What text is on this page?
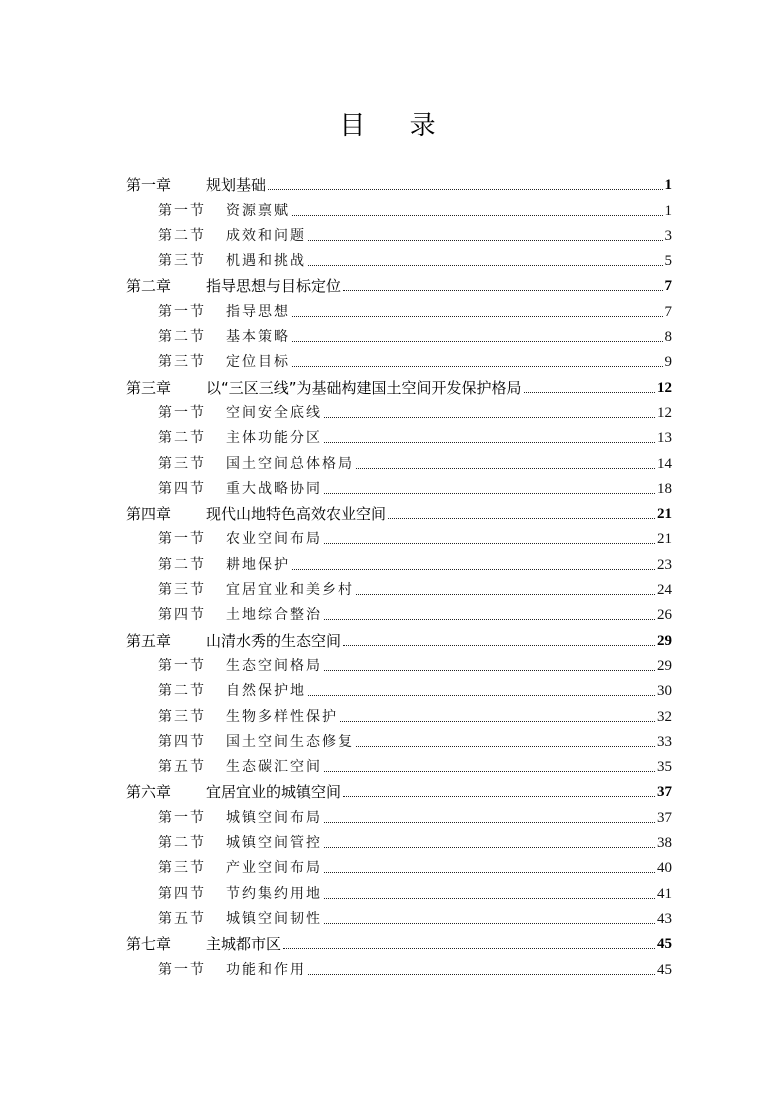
目 录
第一章	规划基础	1
第一节	资源禀赋	1
第二节	成效和问题	3
第三节	机遇和挑战	5
第二章	指导思想与目标定位	7
第一节	指导思想	7
第二节	基本策略	8
第三节	定位目标	9
第三章	以“三区三线”为基础构建国土空间开发保护格局	12
第一节	空间安全底线	12
第二节	主体功能分区	13
第三节	国土空间总体格局	14
第四节	重大战略协同	18
第四章	现代山地特色高效农业空间	21
第一节	农业空间布局	21
第二节	耕地保护	23
第三节	宜居宜业和美乡村	24
第四节	土地综合整治	26
第五章	山清水秀的生态空间	29
第一节	生态空间格局	29
第二节	自然保护地	30
第三节	生物多样性保护	32
第四节	国土空间生态修复	33
第五节	生态碳汇空间	35
第六章	宜居宜业的城镇空间	37
第一节	城镇空间布局	37
第二节	城镇空间管控	38
第三节	产业空间布局	40
第四节	节约集约用地	41
第五节	城镇空间韧性	43
第七章	主城都市区	45
第一节	功能和作用	45
